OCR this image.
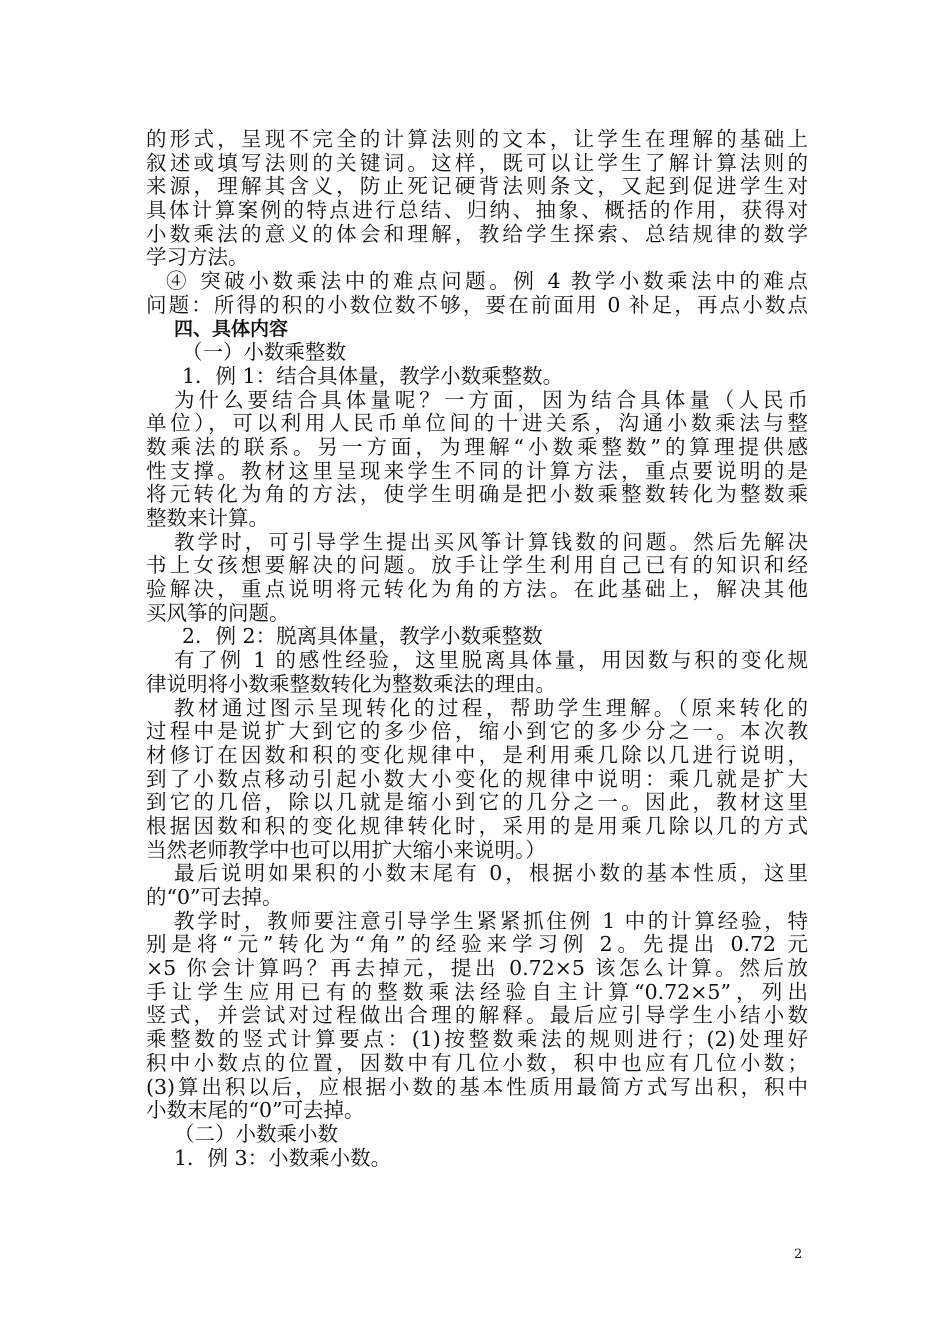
的形式，呈现不完全的计算法则的文本，让学生在理解的基础上
叙述或填写法则的关键词。这样，既可以让学生了解计算法则的
来源，理解其含义，防止死记硬背法则条文，又起到促进学生对
具体计算案例的特点进行总结、归纳、抽象、概括的作用，获得对
小数乘法的意义的体会和理解，教给学生探索、总结规律的数学
学习方法。
④ 突破小数乘法中的难点问题。例 4 教学小数乘法中的难点
问题：所得的积的小数位数不够，要在前面用 0 补足，再点小数点
四、具体内容
（一）小数乘整数
1．例 1：结合具体量，教学小数乘整数。
为什么要结合具体量呢？一方面，因为结合具体量（人民币
单位），可以利用人民币单位间的十进关系，沟通小数乘法与整
数乘法的联系。另一方面，为理解“小数乘整数”的算理提供感
性支撑。教材这里呈现来学生不同的计算方法，重点要说明的是
将元转化为角的方法，使学生明确是把小数乘整数转化为整数乘
整数来计算。
教学时，可引导学生提出买风筝计算钱数的问题。然后先解决
书上女孩想要解决的问题。放手让学生利用自己已有的知识和经
验解决，重点说明将元转化为角的方法。在此基础上，解决其他
买风筝的问题。
2．例 2：脱离具体量，教学小数乘整数
有了例 1 的感性经验，这里脱离具体量，用因数与积的变化规
律说明将小数乘整数转化为整数乘法的理由。
教材通过图示呈现转化的过程，帮助学生理解。（原来转化的
过程中是说扩大到它的多少倍，缩小到它的多少分之一。本次教
材修订在因数和积的变化规律中，是利用乘几除以几进行说明，
到了小数点移动引起小数大小变化的规律中说明：乘几就是扩大
到它的几倍，除以几就是缩小到它的几分之一。因此，教材这里
根据因数和积的变化规律转化时，采用的是用乘几除以几的方式
当然老师教学中也可以用扩大缩小来说明。）
最后说明如果积的小数末尾有 0，根据小数的基本性质，这里
的“0”可去掉。
教学时，教师要注意引导学生紧紧抓住例 1 中的计算经验，特
别是将“元”转化为“角”的经验来学习例 2。先提出 0.72 元
×5 你会计算吗？再去掉元，提出 0.72×5 该怎么计算。然后放
手让学生应用已有的整数乘法经验自主计算“0.72×5”，列出
竖式，并尝试对过程做出合理的解释。最后应引导学生小结小数
乘整数的竖式计算要点：(1)按整数乘法的规则进行；(2)处理好
积中小数点的位置，因数中有几位小数，积中也应有几位小数；
(3)算出积以后，应根据小数的基本性质用最简方式写出积，积中
小数末尾的“0”可去掉。
（二）小数乘小数
1．例 3：小数乘小数。
2
